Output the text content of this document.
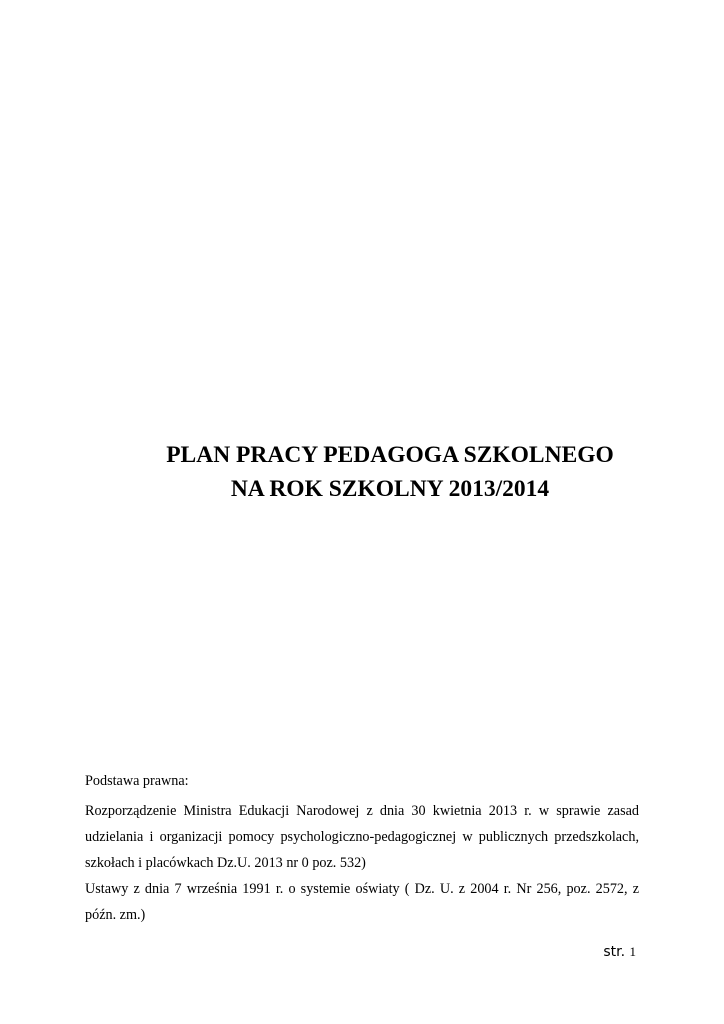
PLAN PRACY PEDAGOGA SZKOLNEGO
NA ROK SZKOLNY 2013/2014
Podstawa prawna:

Rozporządzenie Ministra Edukacji Narodowej z dnia 30 kwietnia 2013 r. w sprawie zasad udzielania i organizacji pomocy psychologiczno-pedagogicznej w publicznych przedszkolach, szkołach i placówkach Dz.U. 2013 nr 0 poz. 532)

Ustawy z dnia 7 września 1991 r. o systemie oświaty ( Dz. U. z 2004 r. Nr 256, poz. 2572, z późn. zm.)

str. 1
